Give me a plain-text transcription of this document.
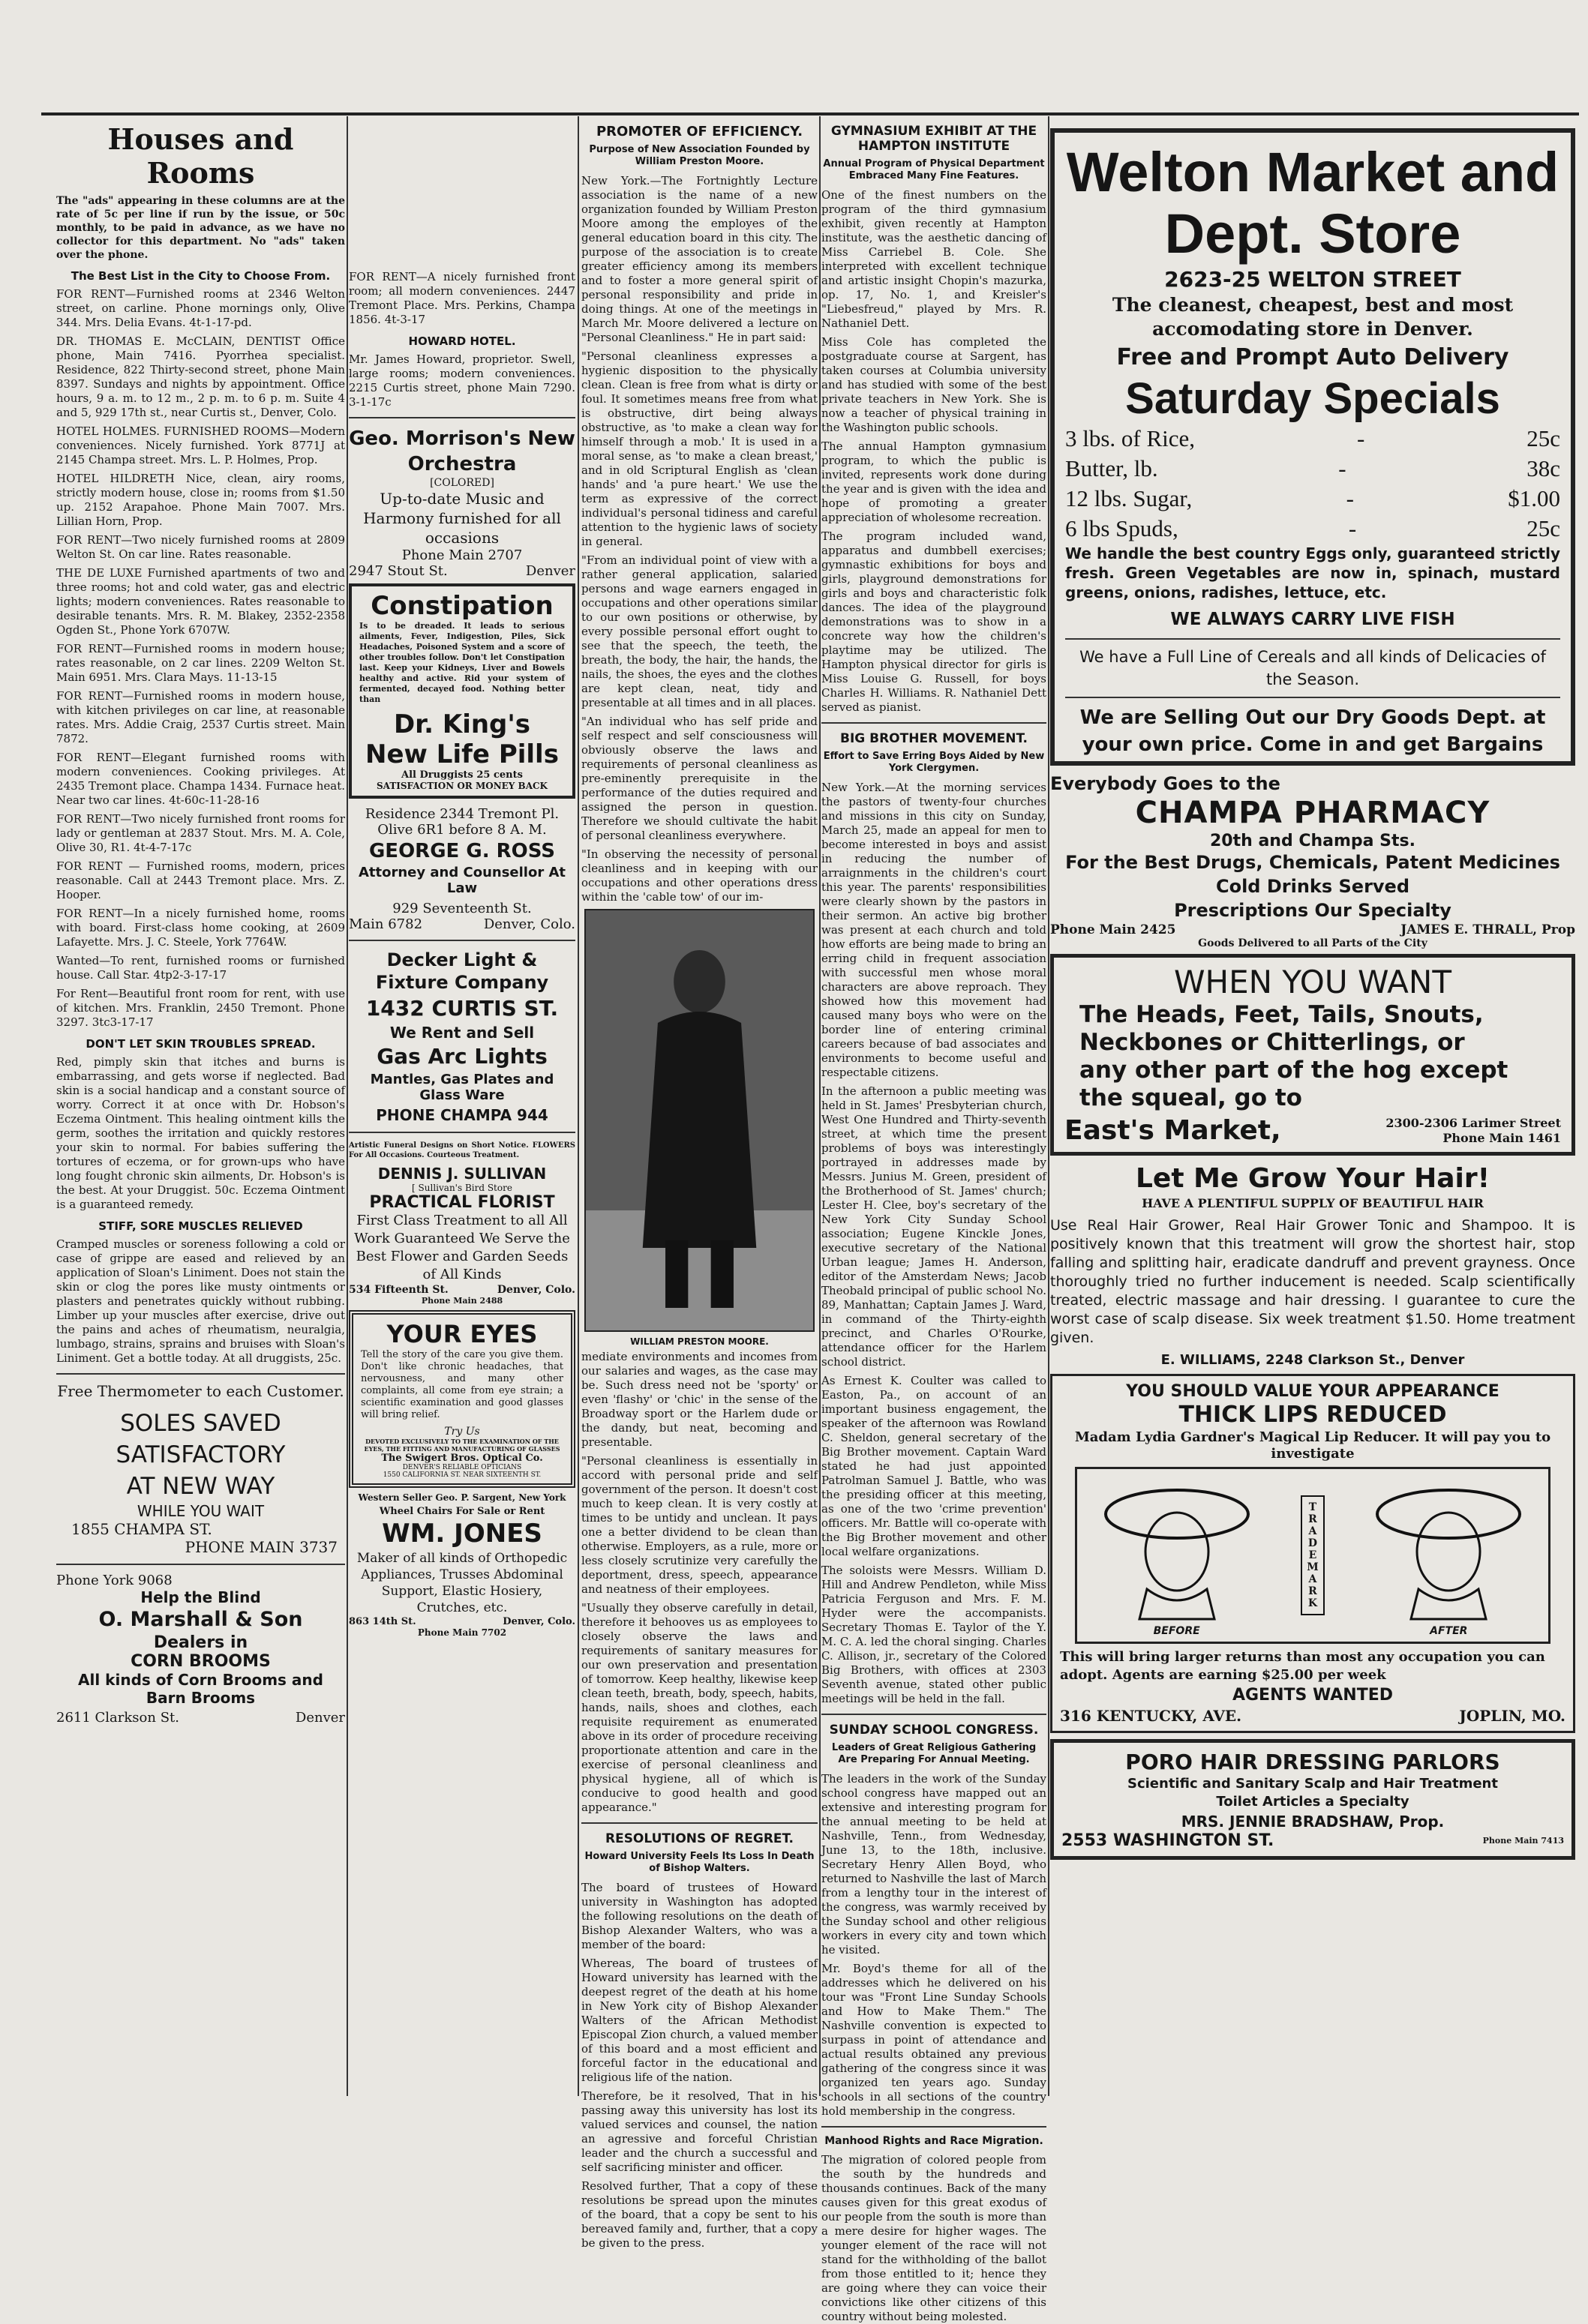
Houses and Rooms

The "ads" appearing in these columns are at the rate of 5c per line if run by the issue, or 50c monthly, to be paid in advance, as we have no collector for this department. No "ads" taken over the phone.

The Best List in the City to Choose From.

FOR RENT—Furnished rooms at 2346 Welton street, on carline. Phone mornings only, Olive 344. Mrs. Delia Evans. 4t-1-17-pd.

DR. THOMAS E. McCLAIN, DENTIST Office phone, Main 7416. Pyorrhea specialist. Residence, 822 Thirty-second street, phone Main 8397. Sundays and nights by appointment. Office hours, 9 a. m. to 12 m., 2 p. m. to 6 p. m. Suite 4 and 5, 929 17th st., near Curtis st., Denver, Colo.

HOTEL HOLMES. FURNISHED ROOMS—Modern conveniences. Nicely furnished. York 8771J at 2145 Champa street. Mrs. L. P. Holmes, Prop.

HOTEL HILDRETH Nice, clean, airy rooms, strictly modern house, close in; rooms from $1.50 up. 2152 Arapahoe. Phone Main 7007. Mrs. Lillian Horn, Prop.

FOR RENT—Two nicely furnished rooms at 2809 Welton St. On car line. Rates reasonable.

THE DE LUXE Furnished apartments of two and three rooms; hot and cold water, gas and electric lights; modern conveniences. Rates reasonable to desirable tenants. Mrs. R. M. Blakey, 2352-2358 Ogden St., Phone York 6707W.

FOR RENT—Furnished rooms in modern house; rates reasonable, on 2 car lines. 2209 Welton St. Main 6951. Mrs. Clara Mays. 11-13-15

FOR RENT—Furnished rooms in modern house, with kitchen privileges on car line, at reasonable rates. Mrs. Addie Craig, 2537 Curtis street. Main 7872.

FOR RENT—Elegant furnished rooms with modern conveniences. Cooking privileges. At 2435 Tremont place. Champa 1434. Furnace heat. Near two car lines. 4t-60c-11-28-16

FOR RENT—Two nicely furnished front rooms for lady or gentleman at 2837 Stout. Mrs. M. A. Cole, Olive 30, R1. 4t-4-7-17c

FOR RENT — Furnished rooms, modern, prices reasonable. Call at 2443 Tremont place. Mrs. Z. Hooper.

FOR RENT—In a nicely furnished home, rooms with board. First-class home cooking, at 2609 Lafayette. Mrs. J. C. Steele, York 7764W.

Wanted—To rent, furnished rooms or furnished house. Call Star. 4tp2-3-17-17

For Rent—Beautiful front room for rent, with use of kitchen. Mrs. Franklin, 2450 Tremont. Phone 3297. 3tc3-17-17

DON'T LET SKIN TROUBLES SPREAD.

Red, pimply skin that itches and burns is embarrassing, and gets worse if neglected. Bad skin is a social handicap and a constant source of worry. Correct it at once with Dr. Hobson's Eczema Ointment. This healing ointment kills the germ, soothes the irritation and quickly restores your skin to normal. For babies suffering the tortures of eczema, or for grown-ups who have long fought chronic skin ailments, Dr. Hobson's is the best. At your Druggist. 50c. Eczema Ointment is a guaranteed remedy.

STIFF, SORE MUSCLES RELIEVED

Cramped muscles or soreness following a cold or case of grippe are eased and relieved by an application of Sloan's Liniment. Does not stain the skin or clog the pores like musty ointments or plasters and penetrates quickly without rubbing. Limber up your muscles after exercise, drive out the pains and aches of rheumatism, neuralgia, lumbago, strains, sprains and bruises with Sloan's Liniment. Get a bottle today. At all druggists, 25c.

Free Thermometer to each Customer.
SOLES SAVED
SATISFACTORY
AT NEW WAY
WHILE YOU WAIT
1855 CHAMPA ST.
PHONE MAIN 3737
Phone York 9068
Help the Blind
O. Marshall & Son
Dealers in
CORN BROOMS
All kinds of Corn Brooms and Barn Brooms
2611 Clarkson St.	Denver

FOR RENT—A nicely furnished front room; all modern conveniences. 2447 Tremont Place. Mrs. Perkins, Champa 1856. 4t-3-17

HOWARD HOTEL.

Mr. James Howard, proprietor. Swell, large rooms; modern conveniences. 2215 Curtis street, phone Main 7290. 3-1-17c

Geo. Morrison's New Orchestra
[COLORED]
Up-to-date Music and Harmony furnished for all occasions
Phone Main 2707
2947 Stout St.	Denver
Constipation

Is to be dreaded. It leads to serious ailments, Fever, Indigestion, Piles, Sick Headaches, Poisoned System and a score of other troubles follow. Don't let Constipation last. Keep your Kidneys, Liver and Bowels healthy and active. Rid your system of fermented, decayed food. Nothing better than

Dr. King's New Life Pills
All Druggists 25 cents
SATISFACTION OR MONEY BACK
Residence 2344 Tremont Pl.
Olive 6R1 before 8 A. M.
GEORGE G. ROSS
Attorney and Counsellor At Law
929 Seventeenth St.
Main 6782	Denver, Colo.
Decker Light & Fixture Company
1432 CURTIS ST.
We Rent and Sell
Gas Arc Lights
Mantles, Gas Plates and Glass Ware
PHONE CHAMPA 944

Artistic Funeral Designs on Short Notice. FLOWERS For All Occasions. Courteous Treatment.

DENNIS J. SULLIVAN
[ Sullivan's Bird Store
PRACTICAL FLORIST
First Class Treatment to all All Work Guaranteed We Serve the Best Flower and Garden Seeds of All Kinds
534 Fifteenth St.	Denver, Colo.
Phone Main 2488
YOUR EYES

Tell the story of the care you give them. Don't like chronic headaches, that nervousness, and many other complaints, all come from eye strain; a scientific examination and good glasses will bring relief.

Try Us
DEVOTED EXCLUSIVELY TO THE EXAMINATION OF THE EYES, THE FITTING AND MANUFACTURING OF GLASSES
The Swigert Bros. Optical Co.
DENVER'S RELIABLE OPTICIANS
1550 CALIFORNIA ST. NEAR SIXTEENTH ST.
Western Seller Geo. P. Sargent, New York
Wheel Chairs For Sale or Rent
WM. JONES
Maker of all kinds of Orthopedic Appliances, Trusses Abdominal Support, Elastic Hosiery, Crutches, etc.
863 14th St.	Denver, Colo.
Phone Main 7702
PROMOTER OF EFFICIENCY.
Purpose of New Association Founded by William Preston Moore.

New York.—The Fortnightly Lecture association is the name of a new organization founded by William Preston Moore among the employes of the general education board in this city. The purpose of the association is to create greater efficiency among its members and to foster a more general spirit of personal responsibility and pride in doing things. At one of the meetings in March Mr. Moore delivered a lecture on "Personal Cleanliness." He in part said:

"Personal cleanliness expresses a hygienic disposition to the physically clean. Clean is free from what is dirty or foul. It sometimes means free from what is obstructive, dirt being always obstructive, as 'to make a clean way for himself through a mob.' It is used in a moral sense, as 'to make a clean breast,' and in old Scriptural English as 'clean hands' and 'a pure heart.' We use the term as expressive of the correct individual's personal tidiness and careful attention to the hygienic laws of society in general.

"From an individual point of view with a rather general application, salaried persons and wage earners engaged in occupations and other operations similar to our own positions or otherwise, by every possible personal effort ought to see that the speech, the teeth, the breath, the body, the hair, the hands, the nails, the shoes, the eyes and the clothes are kept clean, neat, tidy and presentable at all times and in all places.

"An individual who has self pride and self respect and self consciousness will obviously observe the laws and requirements of personal cleanliness as pre-eminently prerequisite in the performance of the duties required and assigned the person in question. Therefore we should cultivate the habit of personal cleanliness everywhere.

"In observing the necessity of personal cleanliness and in keeping with our occupations and other operations dress within the 'cable tow' of our im-

WILLIAM PRESTON MOORE.

mediate environments and incomes from our salaries and wages, as the case may be. Such dress need not be 'sporty' or even 'flashy' or 'chic' in the sense of the Broadway sport or the Harlem dude or the dandy, but neat, becoming and presentable.

"Personal cleanliness is essentially in accord with personal pride and self government of the person. It doesn't cost much to keep clean. It is very costly at times to be untidy and unclean. It pays one a better dividend to be clean than otherwise. Employers, as a rule, more or less closely scrutinize very carefully the deportment, dress, speech, appearance and neatness of their employees.

"Usually they observe carefully in detail, therefore it behooves us as employees to closely observe the laws and requirements of sanitary measures for our own preservation and presentation of tomorrow. Keep healthy, likewise keep clean teeth, breath, body, speech, habits, hands, nails, shoes and clothes, each requisite requirement as enumerated above in its order of procedure receiving proportionate attention and care in the exercise of personal cleanliness and physical hygiene, all of which is conducive to good health and good appearance."

RESOLUTIONS OF REGRET.
Howard University Feels Its Loss In Death of Bishop Walters.

The board of trustees of Howard university in Washington has adopted the following resolutions on the death of Bishop Alexander Walters, who was a member of the board:

Whereas, The board of trustees of Howard university has learned with the deepest regret of the death at his home in New York city of Bishop Alexander Walters of the African Methodist Episcopal Zion church, a valued member of this board and a most efficient and forceful factor in the educational and religious life of the nation.

Therefore, be it resolved, That in his passing away this university has lost its valued services and counsel, the nation an agressive and forceful Christian leader and the church a successful and self sacrificing minister and officer.

Resolved further, That a copy of these resolutions be spread upon the minutes of the board, that a copy be sent to his bereaved family and, further, that a copy be given to the press.

GYMNASIUM EXHIBIT AT THE HAMPTON INSTITUTE
Annual Program of Physical Department Embraced Many Fine Features.

One of the finest numbers on the program of the third gymnasium exhibit, given recently at Hampton institute, was the aesthetic dancing of Miss Carriebel B. Cole. She interpreted with excellent technique and artistic insight Chopin's mazurka, op. 17, No. 1, and Kreisler's "Liebesfreud," played by Mrs. R. Nathaniel Dett.

Miss Cole has completed the postgraduate course at Sargent, has taken courses at Columbia university and has studied with some of the best private teachers in New York. She is now a teacher of physical training in the Washington public schools.

The annual Hampton gymnasium program, to which the public is invited, represents work done during the year and is given with the idea and hope of promoting a greater appreciation of wholesome recreation.

The program included wand, apparatus and dumbbell exercises; gymnastic exhibitions for boys and girls, playground demonstrations for girls and boys and characteristic folk dances. The idea of the playground demonstrations was to show in a concrete way how the children's playtime may be utilized. The Hampton physical director for girls is Miss Louise G. Russell, for boys Charles H. Williams. R. Nathaniel Dett served as pianist.

BIG BROTHER MOVEMENT.
Effort to Save Erring Boys Aided by New York Clergymen.

New York.—At the morning services the pastors of twenty-four churches and missions in this city on Sunday, March 25, made an appeal for men to become interested in boys and assist in reducing the number of arraignments in the children's court this year. The parents' responsibilities were clearly shown by the pastors in their sermon. An active big brother was present at each church and told how efforts are being made to bring an erring child in frequent association with successful men whose moral characters are above reproach. They showed how this movement had caused many boys who were on the border line of entering criminal careers because of bad associates and environments to become useful and respectable citizens.

In the afternoon a public meeting was held in St. James' Presbyterian church, West One Hundred and Thirty-seventh street, at which time the present problems of boys was interestingly portrayed in addresses made by Messrs. Junius M. Green, president of the Brotherhood of St. James' church; Lester H. Clee, boy's secretary of the New York City Sunday School association; Eugene Kinckle Jones, executive secretary of the National Urban league; James H. Anderson, editor of the Amsterdam News; Jacob Theobald principal of public school No. 89, Manhattan; Captain James J. Ward, in command of the Thirty-eighth precinct, and Charles O'Rourke, attendance officer for the Harlem school district.

As Ernest K. Coulter was called to Easton, Pa., on account of an important business engagement, the speaker of the afternoon was Rowland C. Sheldon, general secretary of the Big Brother movement. Captain Ward stated he had just appointed Patrolman Samuel J. Battle, who was the presiding officer at this meeting, as one of the two 'crime prevention' officers. Mr. Battle will co-operate with the Big Brother movement and other local welfare organizations.

The soloists were Messrs. William D. Hill and Andrew Pendleton, while Miss Patricia Ferguson and Mrs. F. M. Hyder were the accompanists. Secretary Thomas E. Taylor of the Y. M. C. A. led the choral singing. Charles C. Allison, jr., secretary of the Colored Big Brothers, with offices at 2303 Seventh avenue, stated other public meetings will be held in the fall.

SUNDAY SCHOOL CONGRESS.
Leaders of Great Religious Gathering Are Preparing For Annual Meeting.

The leaders in the work of the Sunday school congress have mapped out an extensive and interesting program for the annual meeting to be held at Nashville, Tenn., from Wednesday, June 13, to the 18th, inclusive. Secretary Henry Allen Boyd, who returned to Nashville the last of March from a lengthy tour in the interest of the congress, was warmly received by the Sunday school and other religious workers in every city and town which he visited.

Mr. Boyd's theme for all of the addresses which he delivered on his tour was "Front Line Sunday Schools and How to Make Them." The Nashville convention is expected to surpass in point of attendance and actual results obtained any previous gathering of the congress since it was organized ten years ago. Sunday schools in all sections of the country hold membership in the congress.

Manhood Rights and Race Migration.

The migration of colored people from the south by the hundreds and thousands continues. Back of the many causes given for this great exodus of our people from the south is more than a mere desire for higher wages. The younger element of the race will not stand for the withholding of the ballot from those entitled to it; hence they are going where they can voice their convictions like other citizens of this country without being molested.

Welton Market and Dept. Store
2623-25 WELTON STREET
The cleanest, cheapest, best and most accomodating store in Denver.
Free and Prompt Auto Delivery
Saturday Specials
3 lbs. of Rice,	-	25c
Butter, lb.	-	38c
12 lbs. Sugar,	-	$1.00
6 lbs Spuds,	-	25c

We handle the best country Eggs only, guaranteed strictly fresh. Green Vegetables are now in, spinach, mustard greens, onions, radishes, lettuce, etc.

WE ALWAYS CARRY LIVE FISH
We have a Full Line of Cereals and all kinds of Delicacies of the Season.
We are Selling Out our Dry Goods Dept. at your own price. Come in and get Bargains
Everybody Goes to the
CHAMPA PHARMACY
20th and Champa Sts.
For the Best Drugs, Chemicals, Patent Medicines
Cold Drinks Served
Prescriptions Our Specialty
Phone Main 2425	JAMES E. THRALL, Prop
Goods Delivered to all Parts of the City
WHEN YOU WANT
The Heads, Feet, Tails, Snouts,
Neckbones or Chitterlings, or
any other part of the hog except
the squeal, go to
East's Market,	2300-2306 Larimer Street
Phone Main 1461
Let Me Grow Your Hair!
HAVE A PLENTIFUL SUPPLY OF BEAUTIFUL HAIR

Use Real Hair Grower, Real Hair Grower Tonic and Shampoo. It is positively known that this treatment will grow the shortest hair, stop falling and splitting hair, eradicate dandruff and prevent grayness. Once thoroughly tried no further inducement is needed. Scalp scientifically treated, electric massage and hair dressing. I guarantee to cure the worst case of scalp disease. Six week treatment $1.50. Home treatment given.

E. WILLIAMS, 2248 Clarkson St., Denver
YOU SHOULD VALUE YOUR APPEARANCE
THICK LIPS REDUCED
Madam Lydia Gardner's Magical Lip Reducer. It will pay you to investigate
BEFORE
TRADE MARK
AFTER
This will bring larger returns than most any occupation you can adopt. Agents are earning $25.00 per week
AGENTS WANTED
316 KENTUCKY, AVE.	JOPLIN, MO.
PORO HAIR DRESSING PARLORS
Scientific and Sanitary Scalp and Hair Treatment
Toilet Articles a Specialty
MRS. JENNIE BRADSHAW, Prop.
2553 WASHINGTON ST.	Phone Main 7413
